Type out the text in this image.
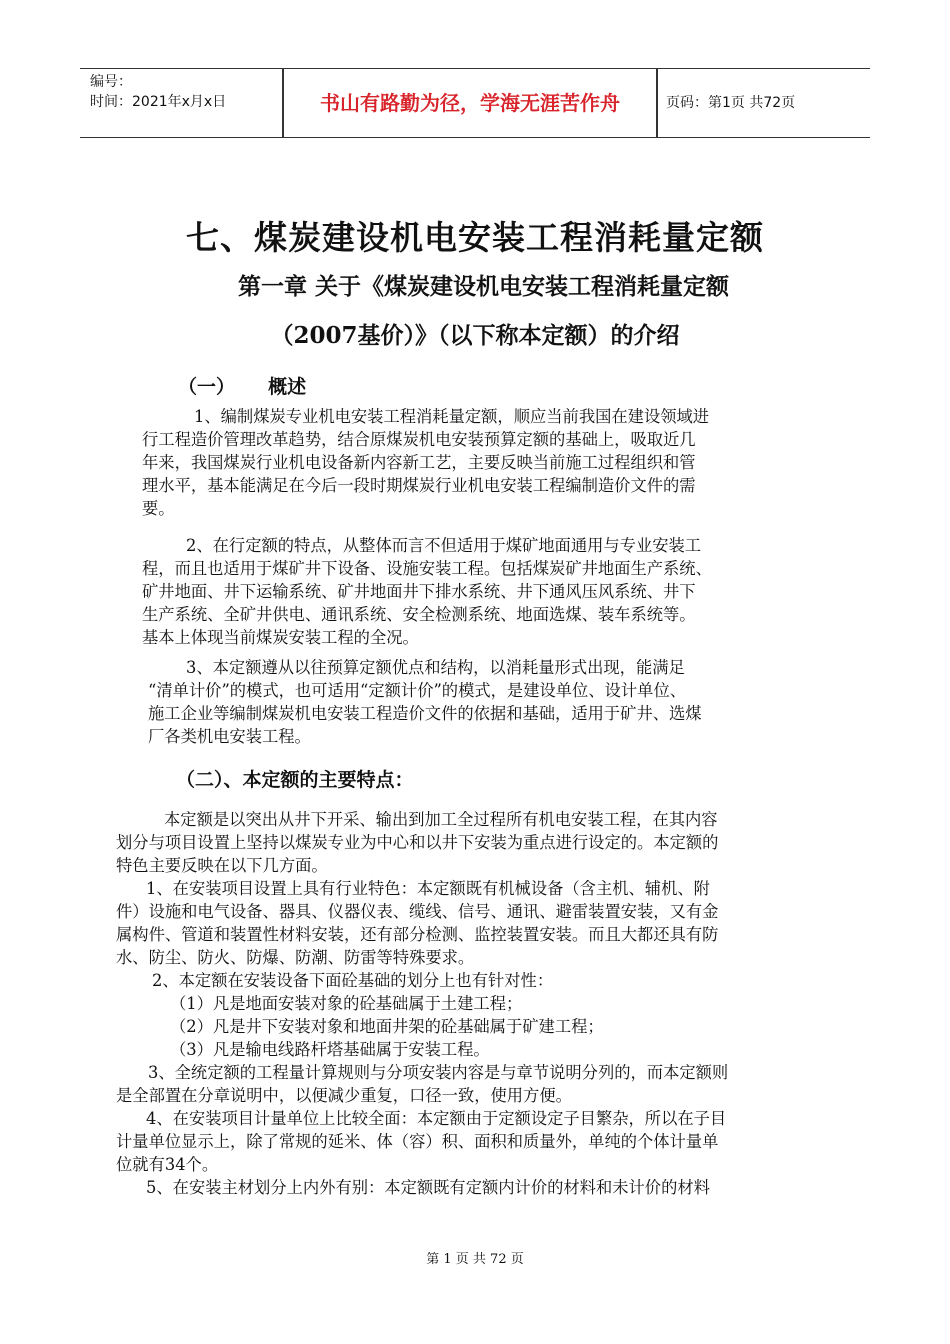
编号：
时间：2021年x月x日	书山有路勤为径，学海无涯苦作舟	页码：第1页 共72页
七、煤炭建设机电安装工程消耗量定额
第一章 关于《煤炭建设机电安装工程消耗量定额
（2007基价）》（以下称本定额）的介绍
（一）     概述
1、编制煤炭专业机电安装工程消耗量定额，顺应当前我国在建设领域进
行工程造价管理改革趋势，结合原煤炭机电安装预算定额的基础上，吸取近几
年来，我国煤炭行业机电设备新内容新工艺，主要反映当前施工过程组织和管
理水平，基本能满足在今后一段时期煤炭行业机电安装工程编制造价文件的需
要。
2、在行定额的特点，从整体而言不但适用于煤矿地面通用与专业安装工
程，而且也适用于煤矿井下设备、设施安装工程。包括煤炭矿井地面生产系统、
矿井地面、井下运输系统、矿井地面井下排水系统、井下通风压风系统、井下
生产系统、全矿井供电、通讯系统、安全检测系统、地面选煤、装车系统等。
基本上体现当前煤炭安装工程的全况。
3、本定额遵从以往预算定额优点和结构，以消耗量形式出现，能满足
“清单计价”的模式，也可适用“定额计价”的模式，是建设单位、设计单位、
施工企业等编制煤炭机电安装工程造价文件的依据和基础，适用于矿井、选煤
厂各类机电安装工程。
（二）、本定额的主要特点：
本定额是以突出从井下开采、输出到加工全过程所有机电安装工程，在其内容
划分与项目设置上坚持以煤炭专业为中心和以井下安装为重点进行设定的。本定额的
特色主要反映在以下几方面。
1、在安装项目设置上具有行业特色：本定额既有机械设备（含主机、辅机、附
件）设施和电气设备、器具、仪器仪表、缆线、信号、通讯、避雷装置安装，又有金
属构件、管道和装置性材料安装，还有部分检测、监控装置安装。而且大都还具有防
水、防尘、防火、防爆、防潮、防雷等特殊要求。
2、本定额在安装设备下面砼基础的划分上也有针对性：
（1）凡是地面安装对象的砼基础属于土建工程；
（2）凡是井下安装对象和地面井架的砼基础属于矿建工程；
（3）凡是输电线路杆塔基础属于安装工程。
3、全统定额的工程量计算规则与分项安装内容是与章节说明分列的，而本定额则
是全部置在分章说明中，以便减少重复，口径一致，使用方便。
4、在安装项目计量单位上比较全面：本定额由于定额设定子目繁杂，所以在子目
计量单位显示上，除了常规的延米、体（容）积、面积和质量外，单纯的个体计量单
位就有34个。
5、在安装主材划分上内外有别：本定额既有定额内计价的材料和未计价的材料
第 1 页 共 72 页
